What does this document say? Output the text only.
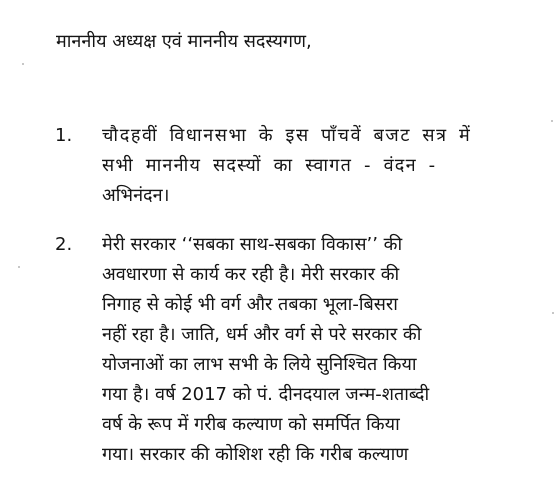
माननीय अध्यक्ष एवं माननीय सदस्यगण,
1. चौदहवीं विधानसभा के इस पाँचवें बजट सत्र में
सभी माननीय सदस्यों का स्वागत - वंदन -
अभिनंदन।
2. मेरी सरकार ‘‘सबका साथ-सबका विकास’’ की
अवधारणा से कार्य कर रही है। मेरी सरकार की
निगाह से कोई भी वर्ग और तबका भूला-बिसरा
नहीं रहा है। जाति, धर्म और वर्ग से परे सरकार की
योजनाओं का लाभ सभी के लिये सुनिश्चित किया
गया है। वर्ष 2017 को पं. दीनदयाल जन्म-शताब्दी
वर्ष के रूप में गरीब कल्याण को समर्पित किया
गया। सरकार की कोशिश रही कि गरीब कल्याण
